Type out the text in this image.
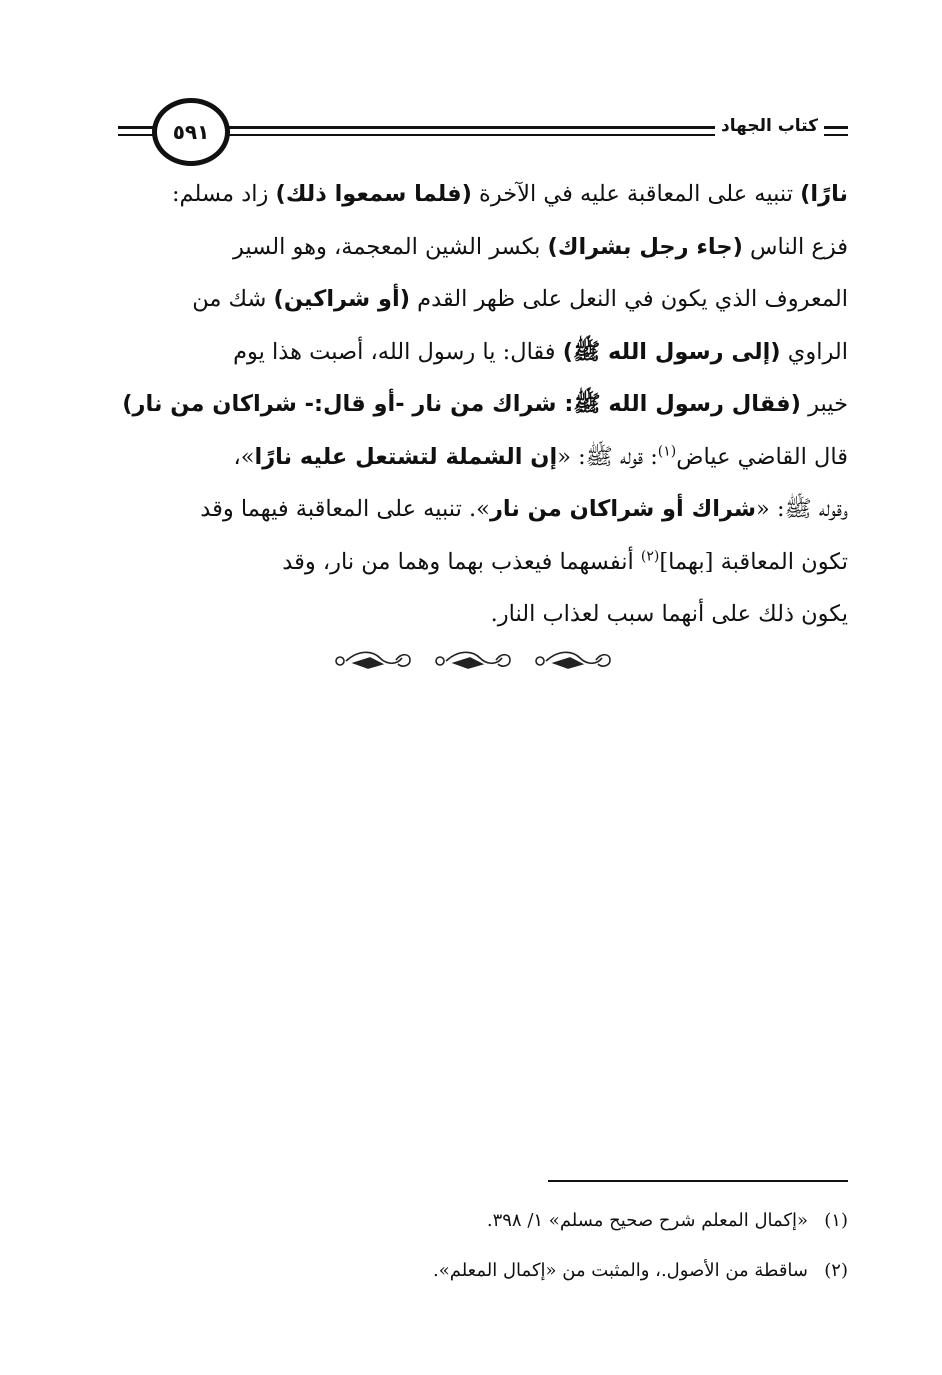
كتاب الجهاد
٥٩١
نارًا) تنبيه على المعاقبة عليه في الآخرة (فلما سمعوا ذلك) زاد مسلم:
فزع الناس (جاء رجل بشراك) بكسر الشين المعجمة، وهو السير
المعروف الذي يكون في النعل على ظهر القدم (أو شراكين) شك من
الراوي (إلى رسول الله ﷺ) فقال: يا رسول الله، أصبت هذا يوم
خيبر (فقال رسول الله ﷺ: شراك من نار -أو قال:- شراكان من نار)
قال القاضي عياض$^{(١)}$: قوله ﷺ: «إن الشملة لتشتعل عليه نارًا»،
وقوله ﷺ: «شراك أو شراكان من نار». تنبيه على المعاقبة فيهما وقد
تكون المعاقبة [بهما]$^{(٢)}$ أنفسهما فيعذب بهما وهما من نار، وقد
يكون ذلك على أنهما سبب لعذاب النار.
(١)«إكمال المعلم شرح صحيح مسلم» ١/ ٣٩٨.
(٢)ساقطة من الأصول.، والمثبت من «إكمال المعلم».
